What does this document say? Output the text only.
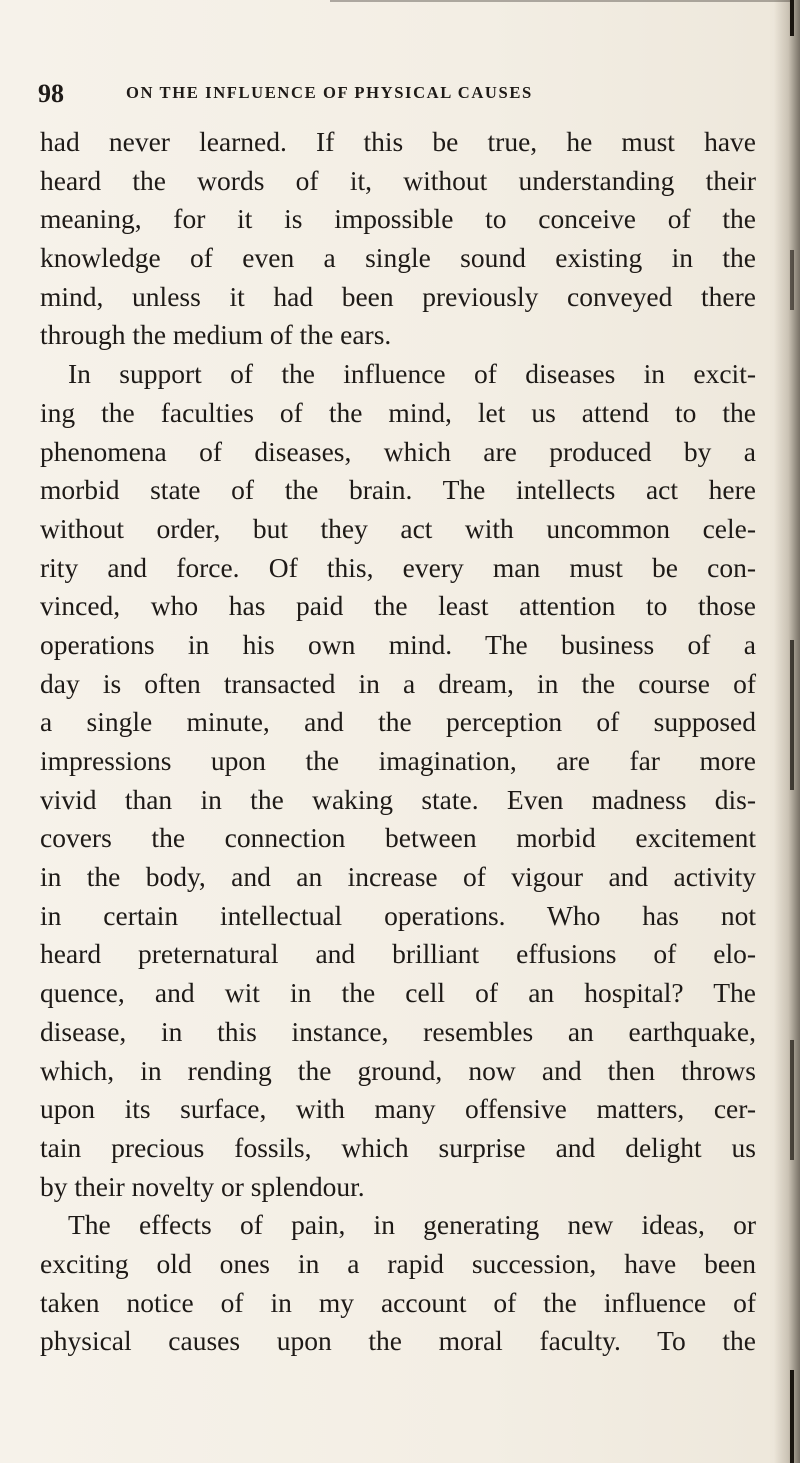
98	ON THE INFLUENCE OF PHYSICAL CAUSES
had never learned. If this be true, he must have
heard the words of it, without understanding their
meaning, for it is impossible to conceive of the
knowledge of even a single sound existing in the
mind, unless it had been previously conveyed there
through the medium of the ears.
In support of the influence of diseases in excit-
ing the faculties of the mind, let us attend to the
phenomena of diseases, which are produced by a
morbid state of the brain. The intellects act here
without order, but they act with uncommon cele-
rity and force. Of this, every man must be con-
vinced, who has paid the least attention to those
operations in his own mind. The business of a
day is often transacted in a dream, in the course of
a single minute, and the perception of supposed
impressions upon the imagination, are far more
vivid than in the waking state. Even madness dis-
covers the connection between morbid excitement
in the body, and an increase of vigour and activity
in certain intellectual operations. Who has not
heard preternatural and brilliant effusions of elo-
quence, and wit in the cell of an hospital? The
disease, in this instance, resembles an earthquake,
which, in rending the ground, now and then throws
upon its surface, with many offensive matters, cer-
tain precious fossils, which surprise and delight us
by their novelty or splendour.
The effects of pain, in generating new ideas, or
exciting old ones in a rapid succession, have been
taken notice of in my account of the influence of
physical causes upon the moral faculty. To the
